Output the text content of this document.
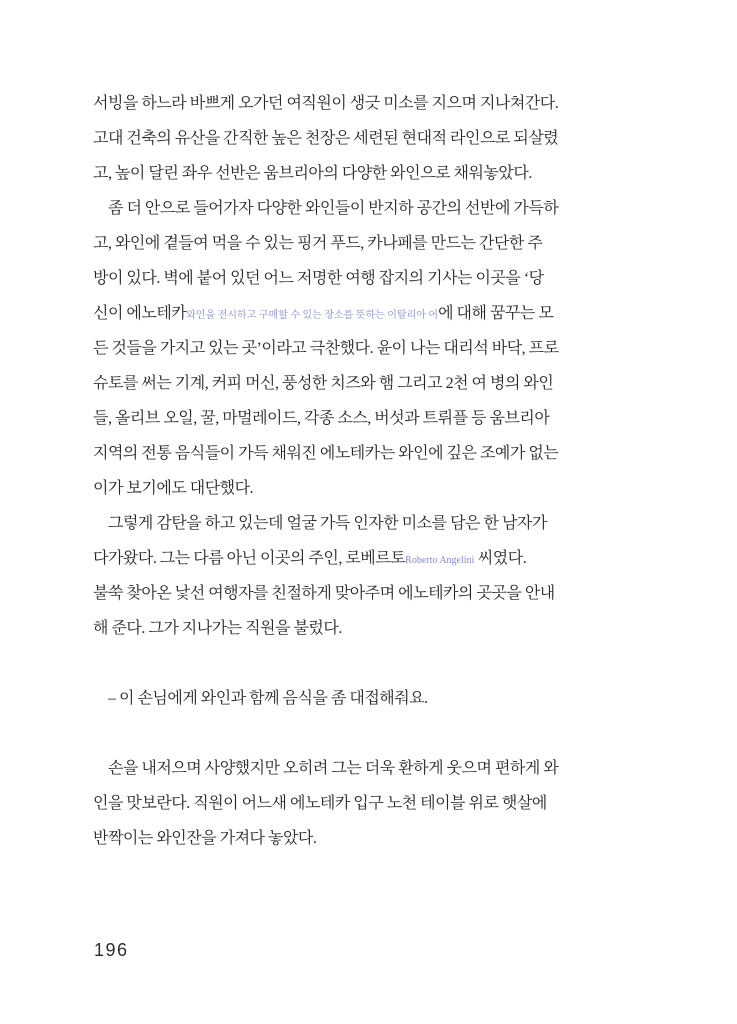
서빙을 하느라 바쁘게 오가던 여직원이 생긋 미소를 지으며 지나쳐간다.
고대 건축의 유산을 간직한 높은 천장은 세련된 현대적 라인으로 되살렸
고, 높이 달린 좌우 선반은 움브리아의 다양한 와인으로 채워놓았다.
좀 더 안으로 들어가자 다양한 와인들이 반지하 공간의 선반에 가득하
고, 와인에 곁들여 먹을 수 있는 핑거 푸드, 카나페를 만드는 간단한 주
방이 있다. 벽에 붙어 있던 어느 저명한 여행 잡지의 기사는 이곳을 ‘당
신이 에노테카와인을 전시하고 구매할 수 있는 장소를 뜻하는 이탈리아 어에 대해 꿈꾸는 모
든 것들을 가지고 있는 곳’이라고 극찬했다. 윤이 나는 대리석 바닥, 프로
슈토를 써는 기계, 커피 머신, 풍성한 치즈와 햄 그리고 2천 여 병의 와인
들, 올리브 오일, 꿀, 마멀레이드, 각종 소스, 버섯과 트뤼플 등 움브리아
지역의 전통 음식들이 가득 채워진 에노테카는 와인에 깊은 조예가 없는
이가 보기에도 대단했다.
그렇게 감탄을 하고 있는데 얼굴 가득 인자한 미소를 담은 한 남자가
다가왔다. 그는 다름 아닌 이곳의 주인, 로베르토Roberto Angelini 씨였다.
불쑥 찾아온 낯선 여행자를 친절하게 맞아주며 에노테카의 곳곳을 안내
해 준다. 그가 지나가는 직원을 불렀다.
– 이 손님에게 와인과 함께 음식을 좀 대접해줘요.
손을 내저으며 사양했지만 오히려 그는 더욱 환하게 웃으며 편하게 와
인을 맛보란다. 직원이 어느새 에노테카 입구 노천 테이블 위로 햇살에
반짝이는 와인잔을 가져다 놓았다.
196
